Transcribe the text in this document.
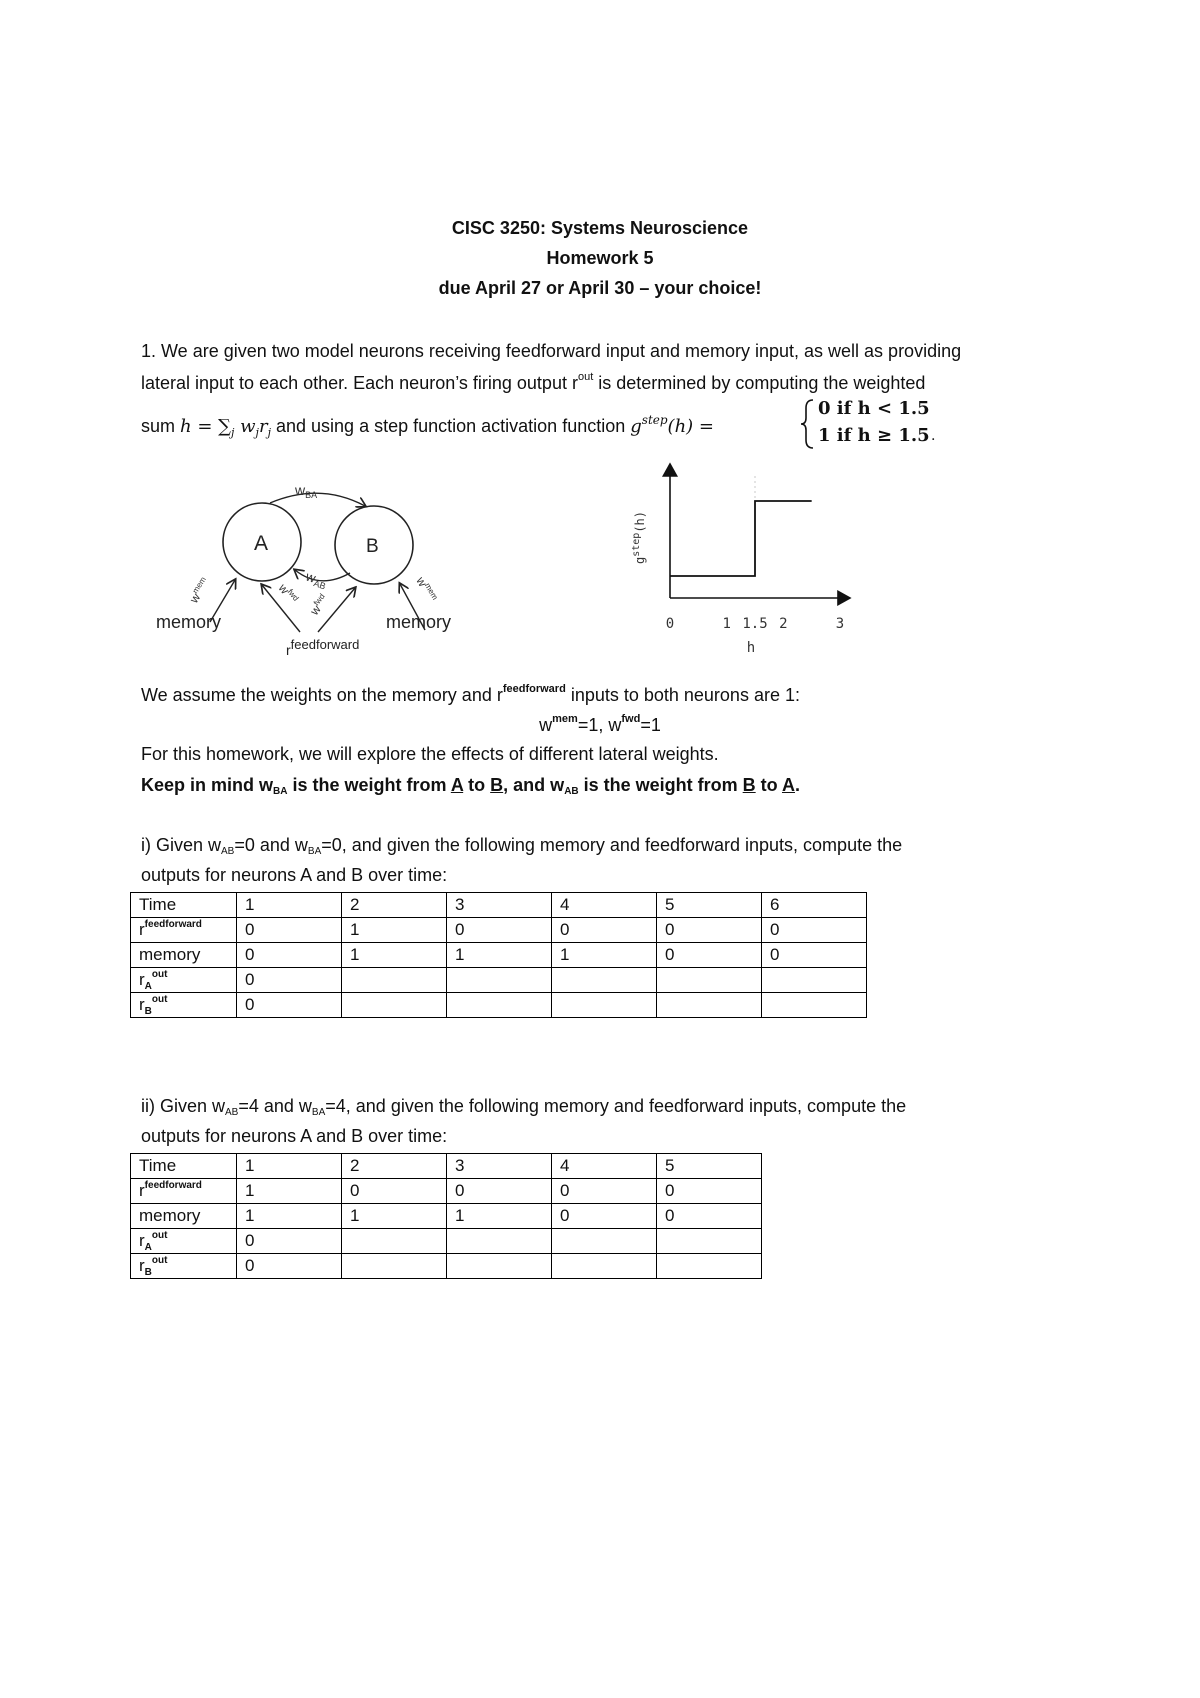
CISC 3250: Systems Neuroscience
Homework 5
due April 27 or April 30 – your choice!
1. We are given two model neurons receiving feedforward input and memory input, as well as providing
lateral input to each other. Each neuron’s firing output $r^{out}$ is determined by computing the weighted
sum $h = \sum_j$ $w_jr_j$ and using a step function activation function $g^{step}(h)$ =
0 if h < 1.5
1 if h ≥ 1.5 .
A	B
$w_{BA}$
$w_{AB}$
$w^{mem}$	$w^{fwd}$
$w^{fwd}$
$w^{mem}$
memory	memory
rfeedforward
$g^{step}(h)$
0	1 1.5 2	3
h
We assume the weights on the memory and $r^{feedforward}$ inputs to both neurons are 1:
$w^{mem}=1$, $w^{fwd}=1$
For this homework, we will explore the effects of different lateral weights.
Keep in mind $w_{BA}$ is the weight from A to B, and $w_{AB}$ is the weight from B to A.
i) Given $w_{AB}=0$ and $w_{BA}=0$, and given the following memory and feedforward inputs, compute the
outputs for neurons A and B over time:
Time	1	2	3	4	5	6
$r^{feedforward}$	0	1	0	0	0	0
memory	0	1	1	1	0	0
$r_A^{out}$	0					
$r_B^{out}$	0					
ii) Given $w_{AB}=4$ and $w_{BA}=4$, and given the following memory and feedforward inputs, compute the
outputs for neurons A and B over time:
Time	1	2	3	4	5
$r^{feedforward}$	1	0	0	0	0
memory	1	1	1	0	0
$r_A^{out}$	0				
$r_B^{out}$	0				
